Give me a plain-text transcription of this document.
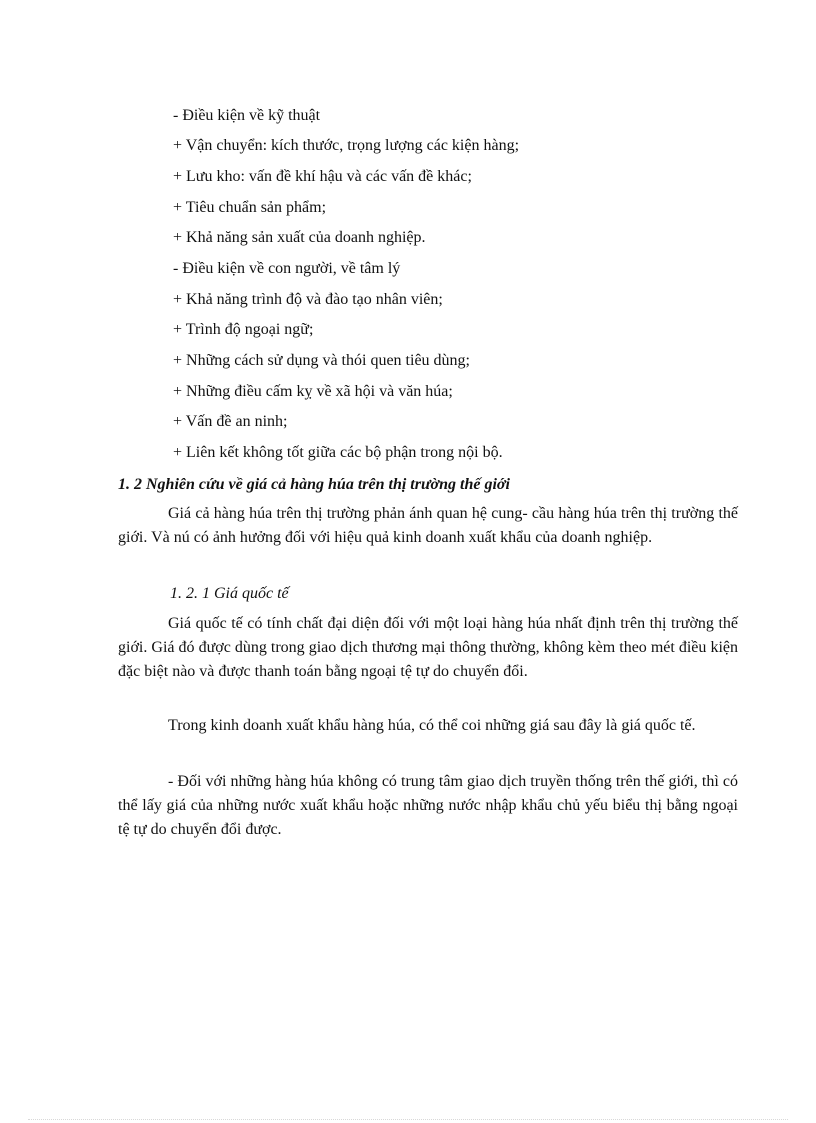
- Điều kiện về kỹ thuật
+ Vận chuyển: kích thước, trọng lượng các kiện hàng;
+ Lưu kho: vấn đề khí hậu và các vấn đề khác;
+ Tiêu chuẩn sản phẩm;
+ Khả năng sản xuất của doanh nghiệp.
- Điều kiện về con người, về tâm lý
+ Khả năng trình độ và đào tạo nhân viên;
+ Trình độ ngoại ngữ;
+ Những cách sử dụng và thói quen tiêu dùng;
+ Những điều cấm kỵ về xã hội và văn húa;
+ Vấn đề an ninh;
+ Liên kết không tốt giữa các bộ phận trong nội bộ.
1. 2 Nghiên cứu về giá cả hàng húa trên thị trường thế giới

Giá cả hàng húa trên thị trường phản ánh quan hệ cung- cầu hàng húa trên thị trường thế giới. Và nú có ảnh hưởng đối với hiệu quả kinh doanh xuất khẩu của doanh nghiệp.

1. 2. 1 Giá quốc tế

Giá quốc tế có tính chất đại diện đối với một loại hàng húa nhất định trên thị trường thế giới. Giá đó được dùng trong giao dịch thương mại thông thường, không kèm theo mét điều kiện đặc biệt nào và được thanh toán bằng ngoại tệ tự do chuyển đổi.

Trong kinh doanh xuất khẩu hàng húa, có thể coi những giá sau đây là giá quốc tế.

- Đối với những hàng húa không có trung tâm giao dịch truyền thống trên thế giới, thì có thể lấy giá của những nước xuất khẩu hoặc những nước nhập khẩu chủ yếu biểu thị bằng ngoại tệ tự do chuyển đổi được.
